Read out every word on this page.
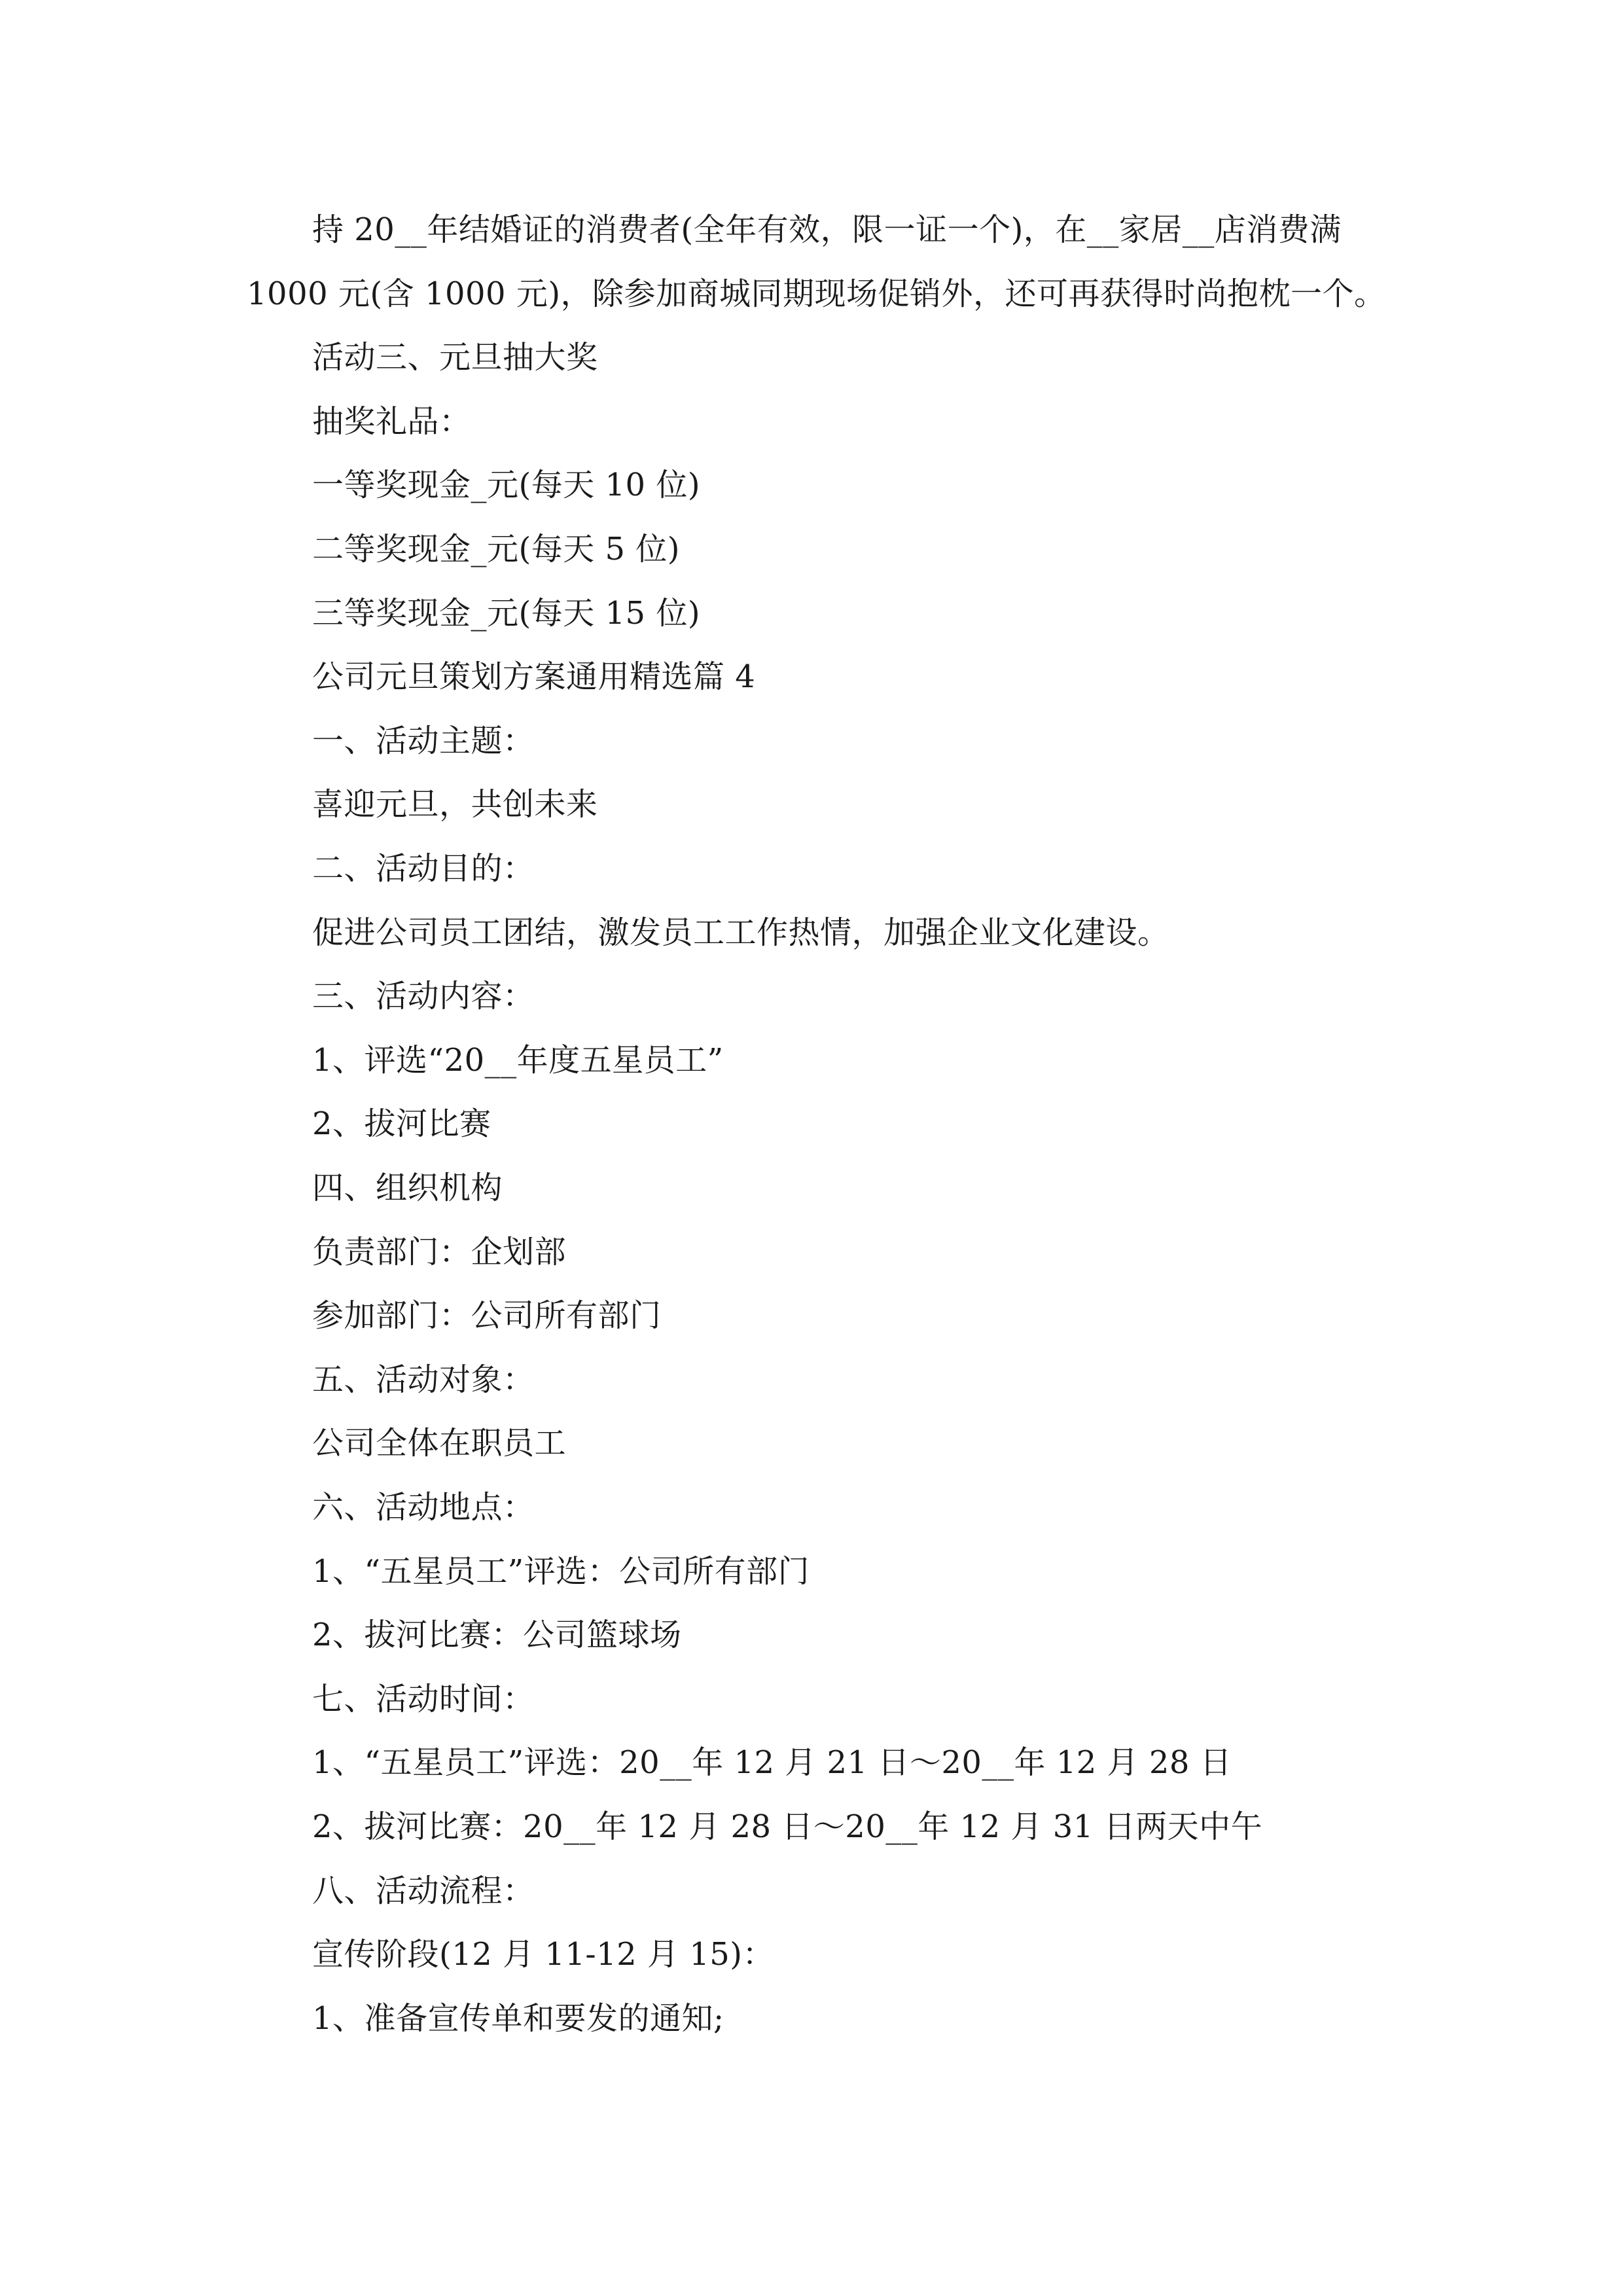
持 20__年结婚证的消费者(全年有效，限一证一个)，在__家居__店消费满
1000 元(含 1000 元)，除参加商城同期现场促销外，还可再获得时尚抱枕一个。
活动三、元旦抽大奖
抽奖礼品：
一等奖现金_元(每天 10 位)
二等奖现金_元(每天 5 位)
三等奖现金_元(每天 15 位)
公司元旦策划方案通用精选篇 4
一、活动主题：
喜迎元旦，共创未来
二、活动目的：
促进公司员工团结，激发员工工作热情，加强企业文化建设。
三、活动内容：
1、评选“20__年度五星员工”
2、拔河比赛
四、组织机构
负责部门：企划部
参加部门：公司所有部门
五、活动对象：
公司全体在职员工
六、活动地点：
1、“五星员工”评选：公司所有部门
2、拔河比赛：公司篮球场
七、活动时间：
1、“五星员工”评选：20__年 12 月 21 日～20__年 12 月 28 日
2、拔河比赛：20__年 12 月 28 日～20__年 12 月 31 日两天中午
八、活动流程：
宣传阶段(12 月 11-12 月 15)：
1、准备宣传单和要发的通知;
